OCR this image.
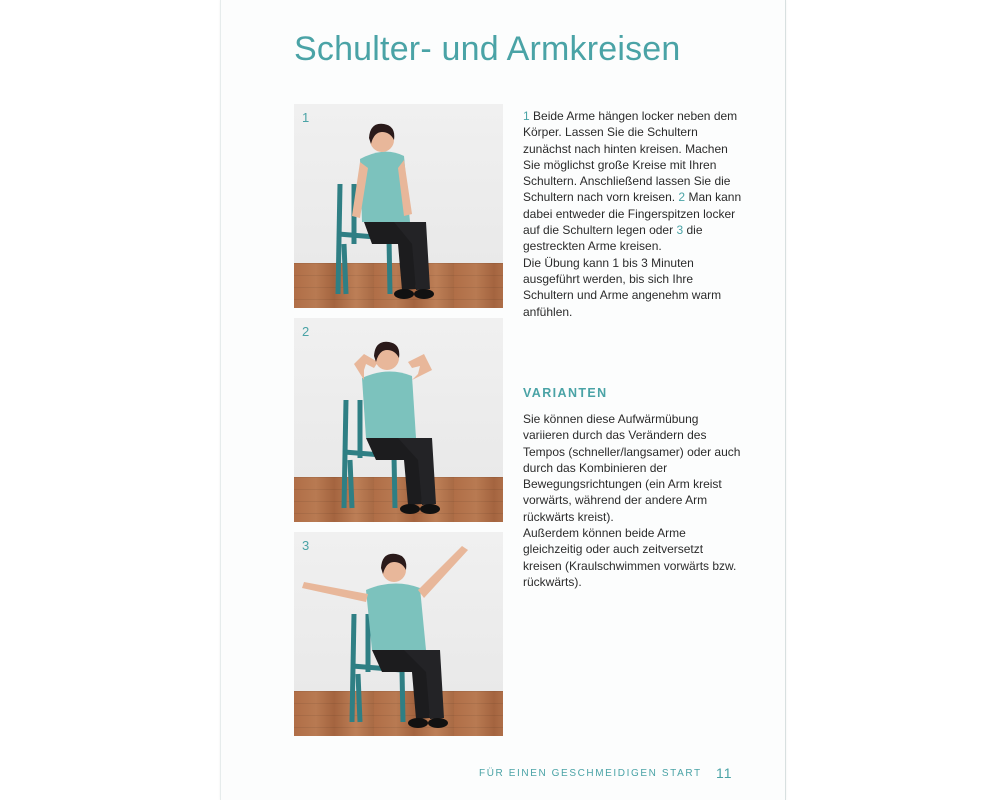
Schulter- und Armkreisen
1
2
3

1 Beide Arme hängen locker neben dem Körper. Lassen Sie die Schultern zunächst nach hinten kreisen. Machen Sie möglichst große Kreise mit Ihren Schultern. Anschließend lassen Sie die Schultern nach vorn kreisen. 2 Man kann dabei entweder die Fingerspitzen locker auf die Schultern legen oder 3 die gestreckten Arme kreisen.

Die Übung kann 1 bis 3 Minuten ausgeführt werden, bis sich Ihre Schultern und Arme angenehm warm anfühlen.

VARIANTEN

Sie können diese Aufwärmübung variieren durch das Verändern des Tempos (schneller/langsamer) oder auch durch das Kombinieren der Bewegungsrichtungen (ein Arm kreist vorwärts, während der andere Arm rückwärts kreist).

Außerdem können beide Arme gleichzeitig oder auch zeitversetzt kreisen (Kraulschwimmen vorwärts bzw. rückwärts).

FÜR EINEN GESCHMEIDIGEN START 11
